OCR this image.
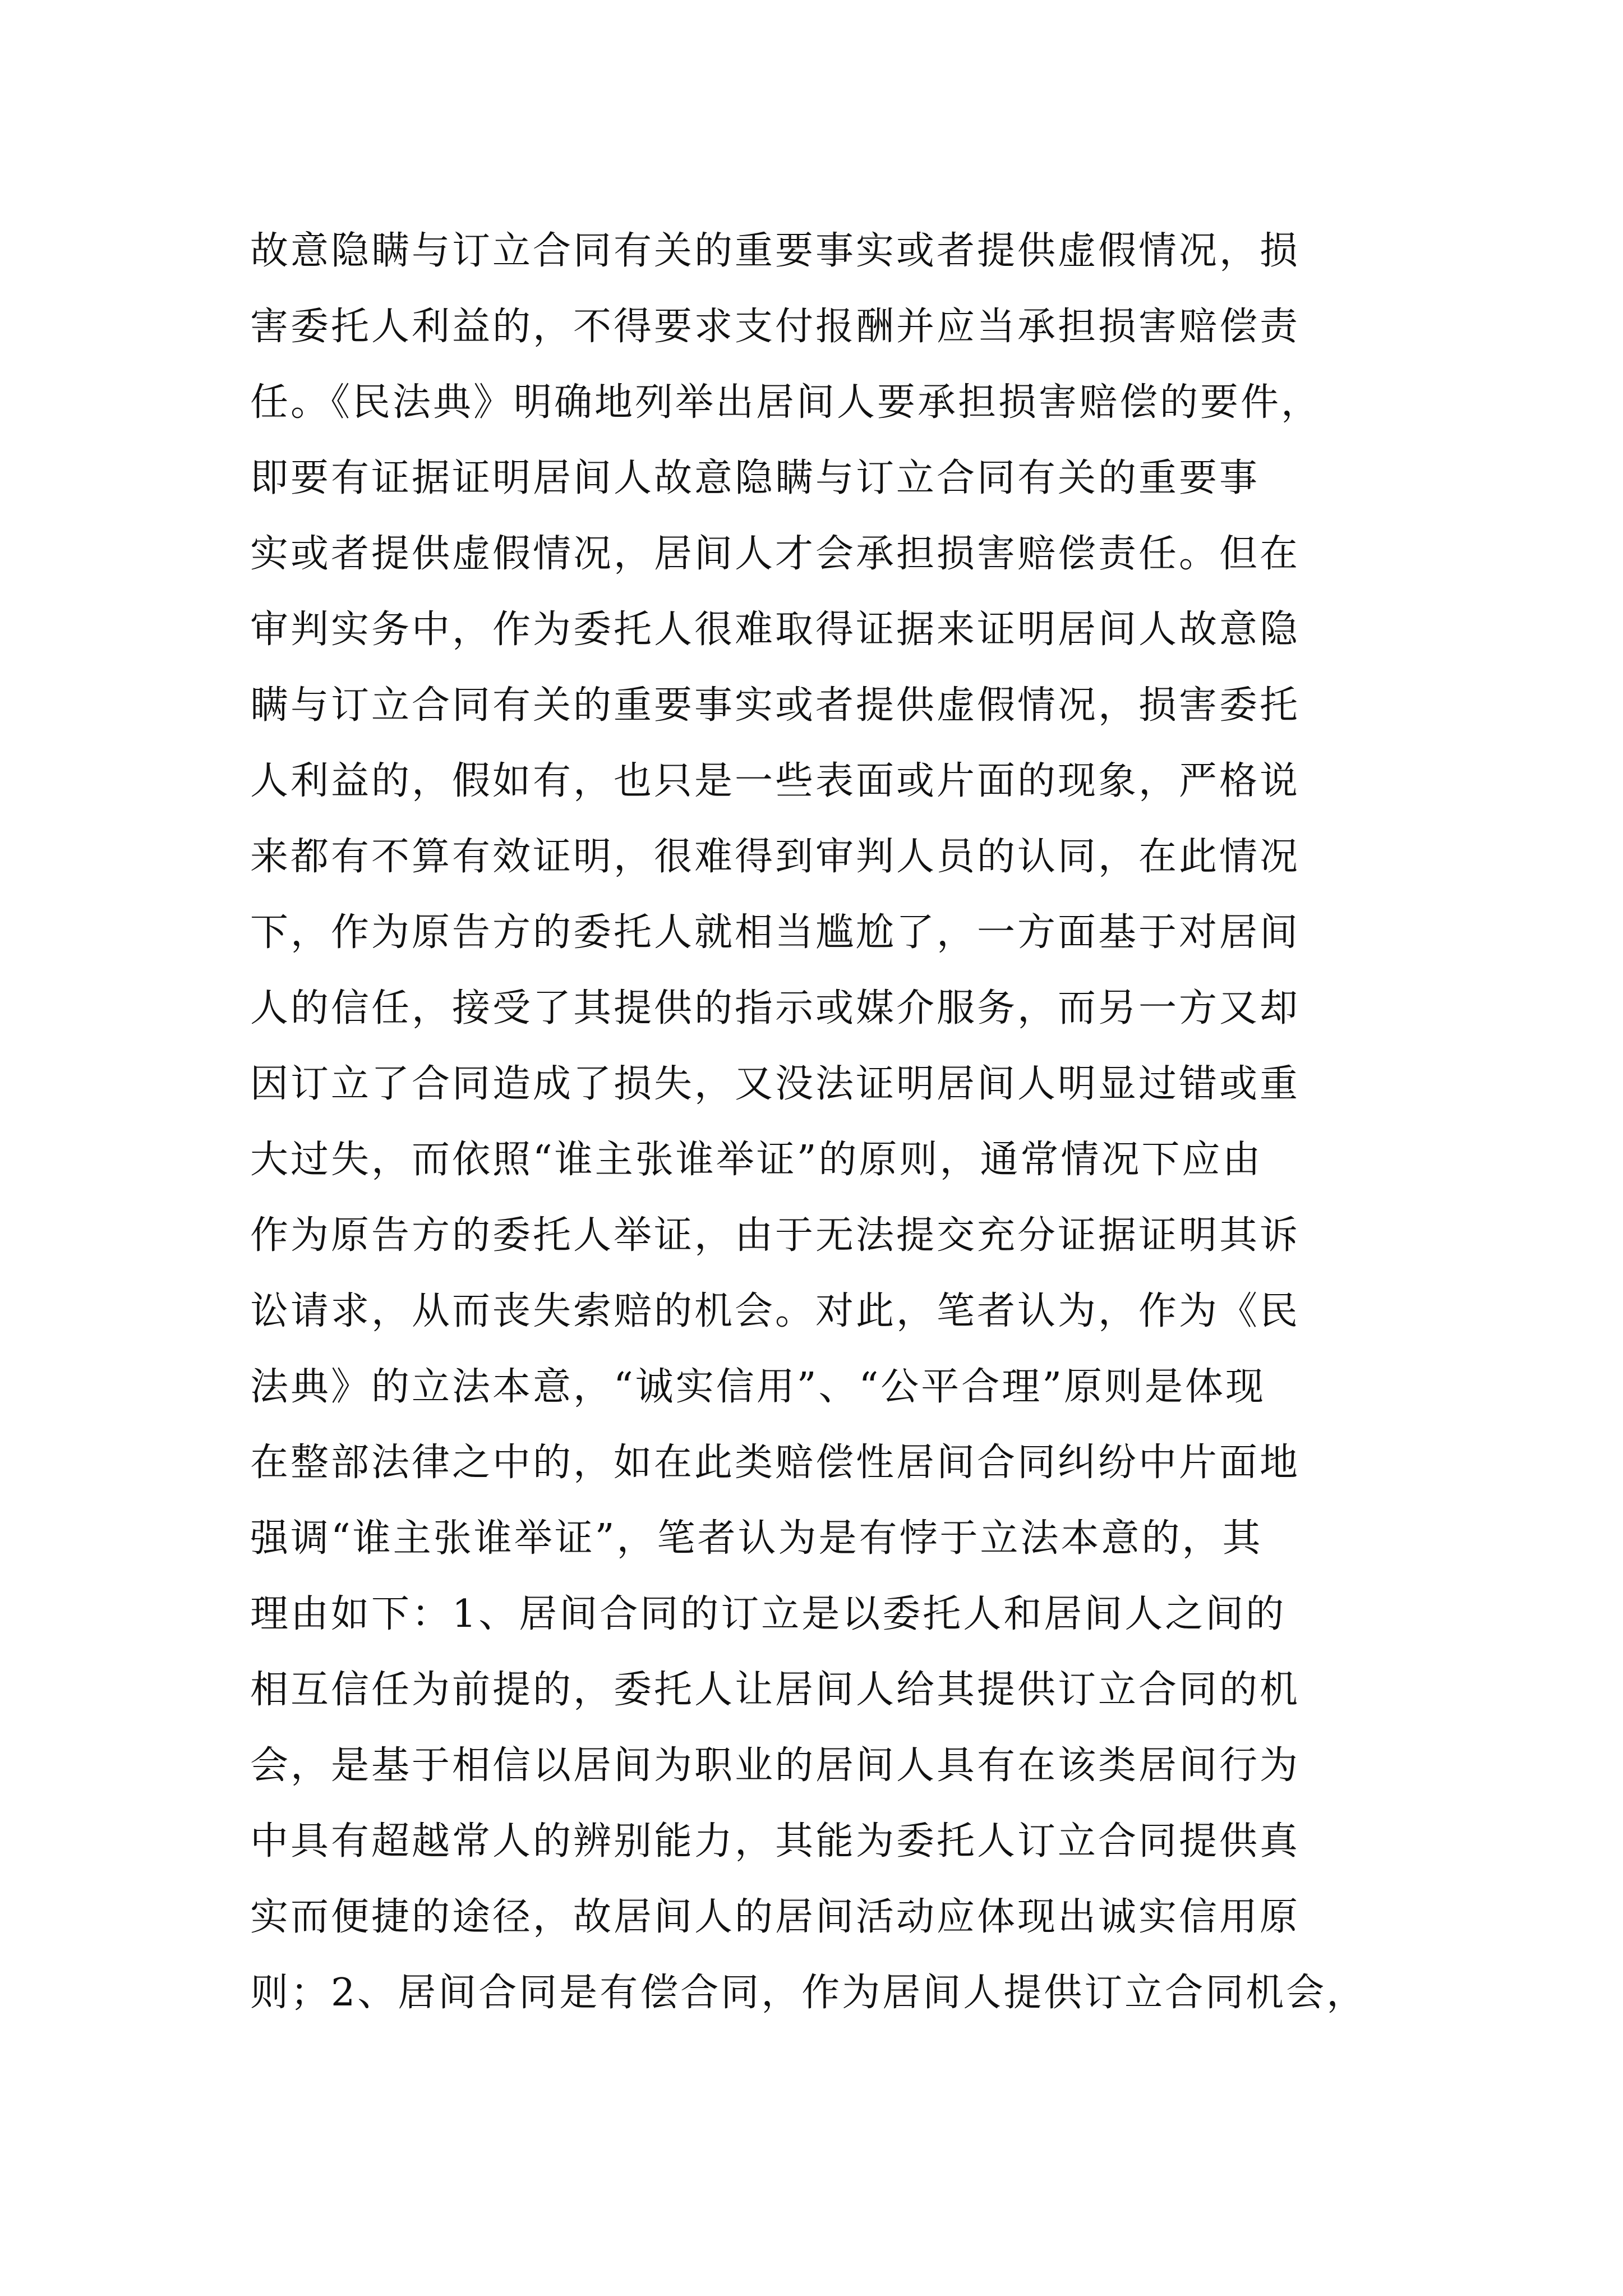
故意隐瞒与订立合同有关的重要事实或者提供虚假情况，损
害委托人利益的，不得要求支付报酬并应当承担损害赔偿责
任。《民法典》明确地列举出居间人要承担损害赔偿的要件，
即要有证据证明居间人故意隐瞒与订立合同有关的重要事
实或者提供虚假情况，居间人才会承担损害赔偿责任。但在
审判实务中，作为委托人很难取得证据来证明居间人故意隐
瞒与订立合同有关的重要事实或者提供虚假情况，损害委托
人利益的，假如有，也只是一些表面或片面的现象，严格说
来都有不算有效证明，很难得到审判人员的认同，在此情况
下，作为原告方的委托人就相当尴尬了，一方面基于对居间
人的信任，接受了其提供的指示或媒介服务，而另一方又却
因订立了合同造成了损失，又没法证明居间人明显过错或重
大过失，而依照“谁主张谁举证”的原则，通常情况下应由
作为原告方的委托人举证，由于无法提交充分证据证明其诉
讼请求，从而丧失索赔的机会。对此，笔者认为，作为《民
法典》的立法本意，“诚实信用”、“公平合理”原则是体现
在整部法律之中的，如在此类赔偿性居间合同纠纷中片面地
强调“谁主张谁举证”，笔者认为是有悖于立法本意的，其
理由如下：1、居间合同的订立是以委托人和居间人之间的
相互信任为前提的，委托人让居间人给其提供订立合同的机
会，是基于相信以居间为职业的居间人具有在该类居间行为
中具有超越常人的辨别能力，其能为委托人订立合同提供真
实而便捷的途径，故居间人的居间活动应体现出诚实信用原
则；2、居间合同是有偿合同，作为居间人提供订立合同机会，
